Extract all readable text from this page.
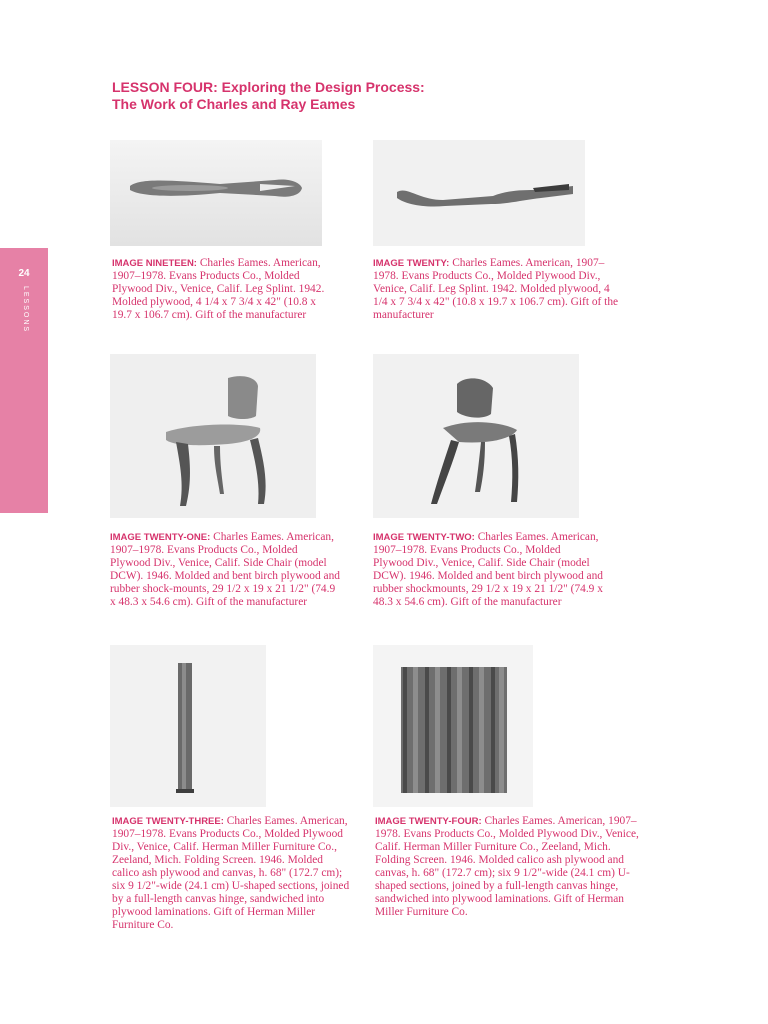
LESSON FOUR: Exploring the Design Process:
The Work of Charles and Ray Eames
24
LESSONS

IMAGE NINETEEN: Charles Eames. American, 1907–1978. Evans Products Co., Molded Plywood Div., Venice, Calif. Leg Splint. 1942. Molded plywood, 4 1/4 x 7 3/4 x 42" (10.8 x 19.7 x 106.7 cm). Gift of the manufacturer

IMAGE TWENTY: Charles Eames. American, 1907–1978. Evans Products Co., Molded Plywood Div., Venice, Calif. Leg Splint. 1942. Molded plywood, 4 1/4 x 7 3/4 x 42" (10.8 x 19.7 x 106.7 cm). Gift of the manufacturer

IMAGE TWENTY-ONE: Charles Eames. American, 1907–1978. Evans Products Co., Molded Plywood Div., Venice, Calif. Side Chair (model DCW). 1946. Molded and bent birch plywood and rubber shock-mounts, 29 1/2 x 19 x 21 1/2" (74.9 x 48.3 x 54.6 cm). Gift of the manufacturer

IMAGE TWENTY-TWO: Charles Eames. American, 1907–1978. Evans Products Co., Molded Plywood Div., Venice, Calif. Side Chair (model DCW). 1946. Molded and bent birch plywood and rubber shockmounts, 29 1/2 x 19 x 21 1/2" (74.9 x 48.3 x 54.6 cm). Gift of the manufacturer

IMAGE TWENTY-THREE: Charles Eames. American, 1907–1978. Evans Products Co., Molded Plywood Div., Venice, Calif. Herman Miller Furniture Co., Zeeland, Mich. Folding Screen. 1946. Molded calico ash plywood and canvas, h. 68" (172.7 cm); six 9 1/2"-wide (24.1 cm) U-shaped sections, joined by a full-length canvas hinge, sandwiched into plywood laminations. Gift of Herman Miller Furniture Co.

IMAGE TWENTY-FOUR: Charles Eames. American, 1907–1978. Evans Products Co., Molded Plywood Div., Venice, Calif. Herman Miller Furniture Co., Zeeland, Mich. Folding Screen. 1946. Molded calico ash plywood and canvas, h. 68" (172.7 cm); six 9 1/2"-wide (24.1 cm) U-shaped sections, joined by a full-length canvas hinge, sandwiched into plywood laminations. Gift of Herman Miller Furniture Co.
